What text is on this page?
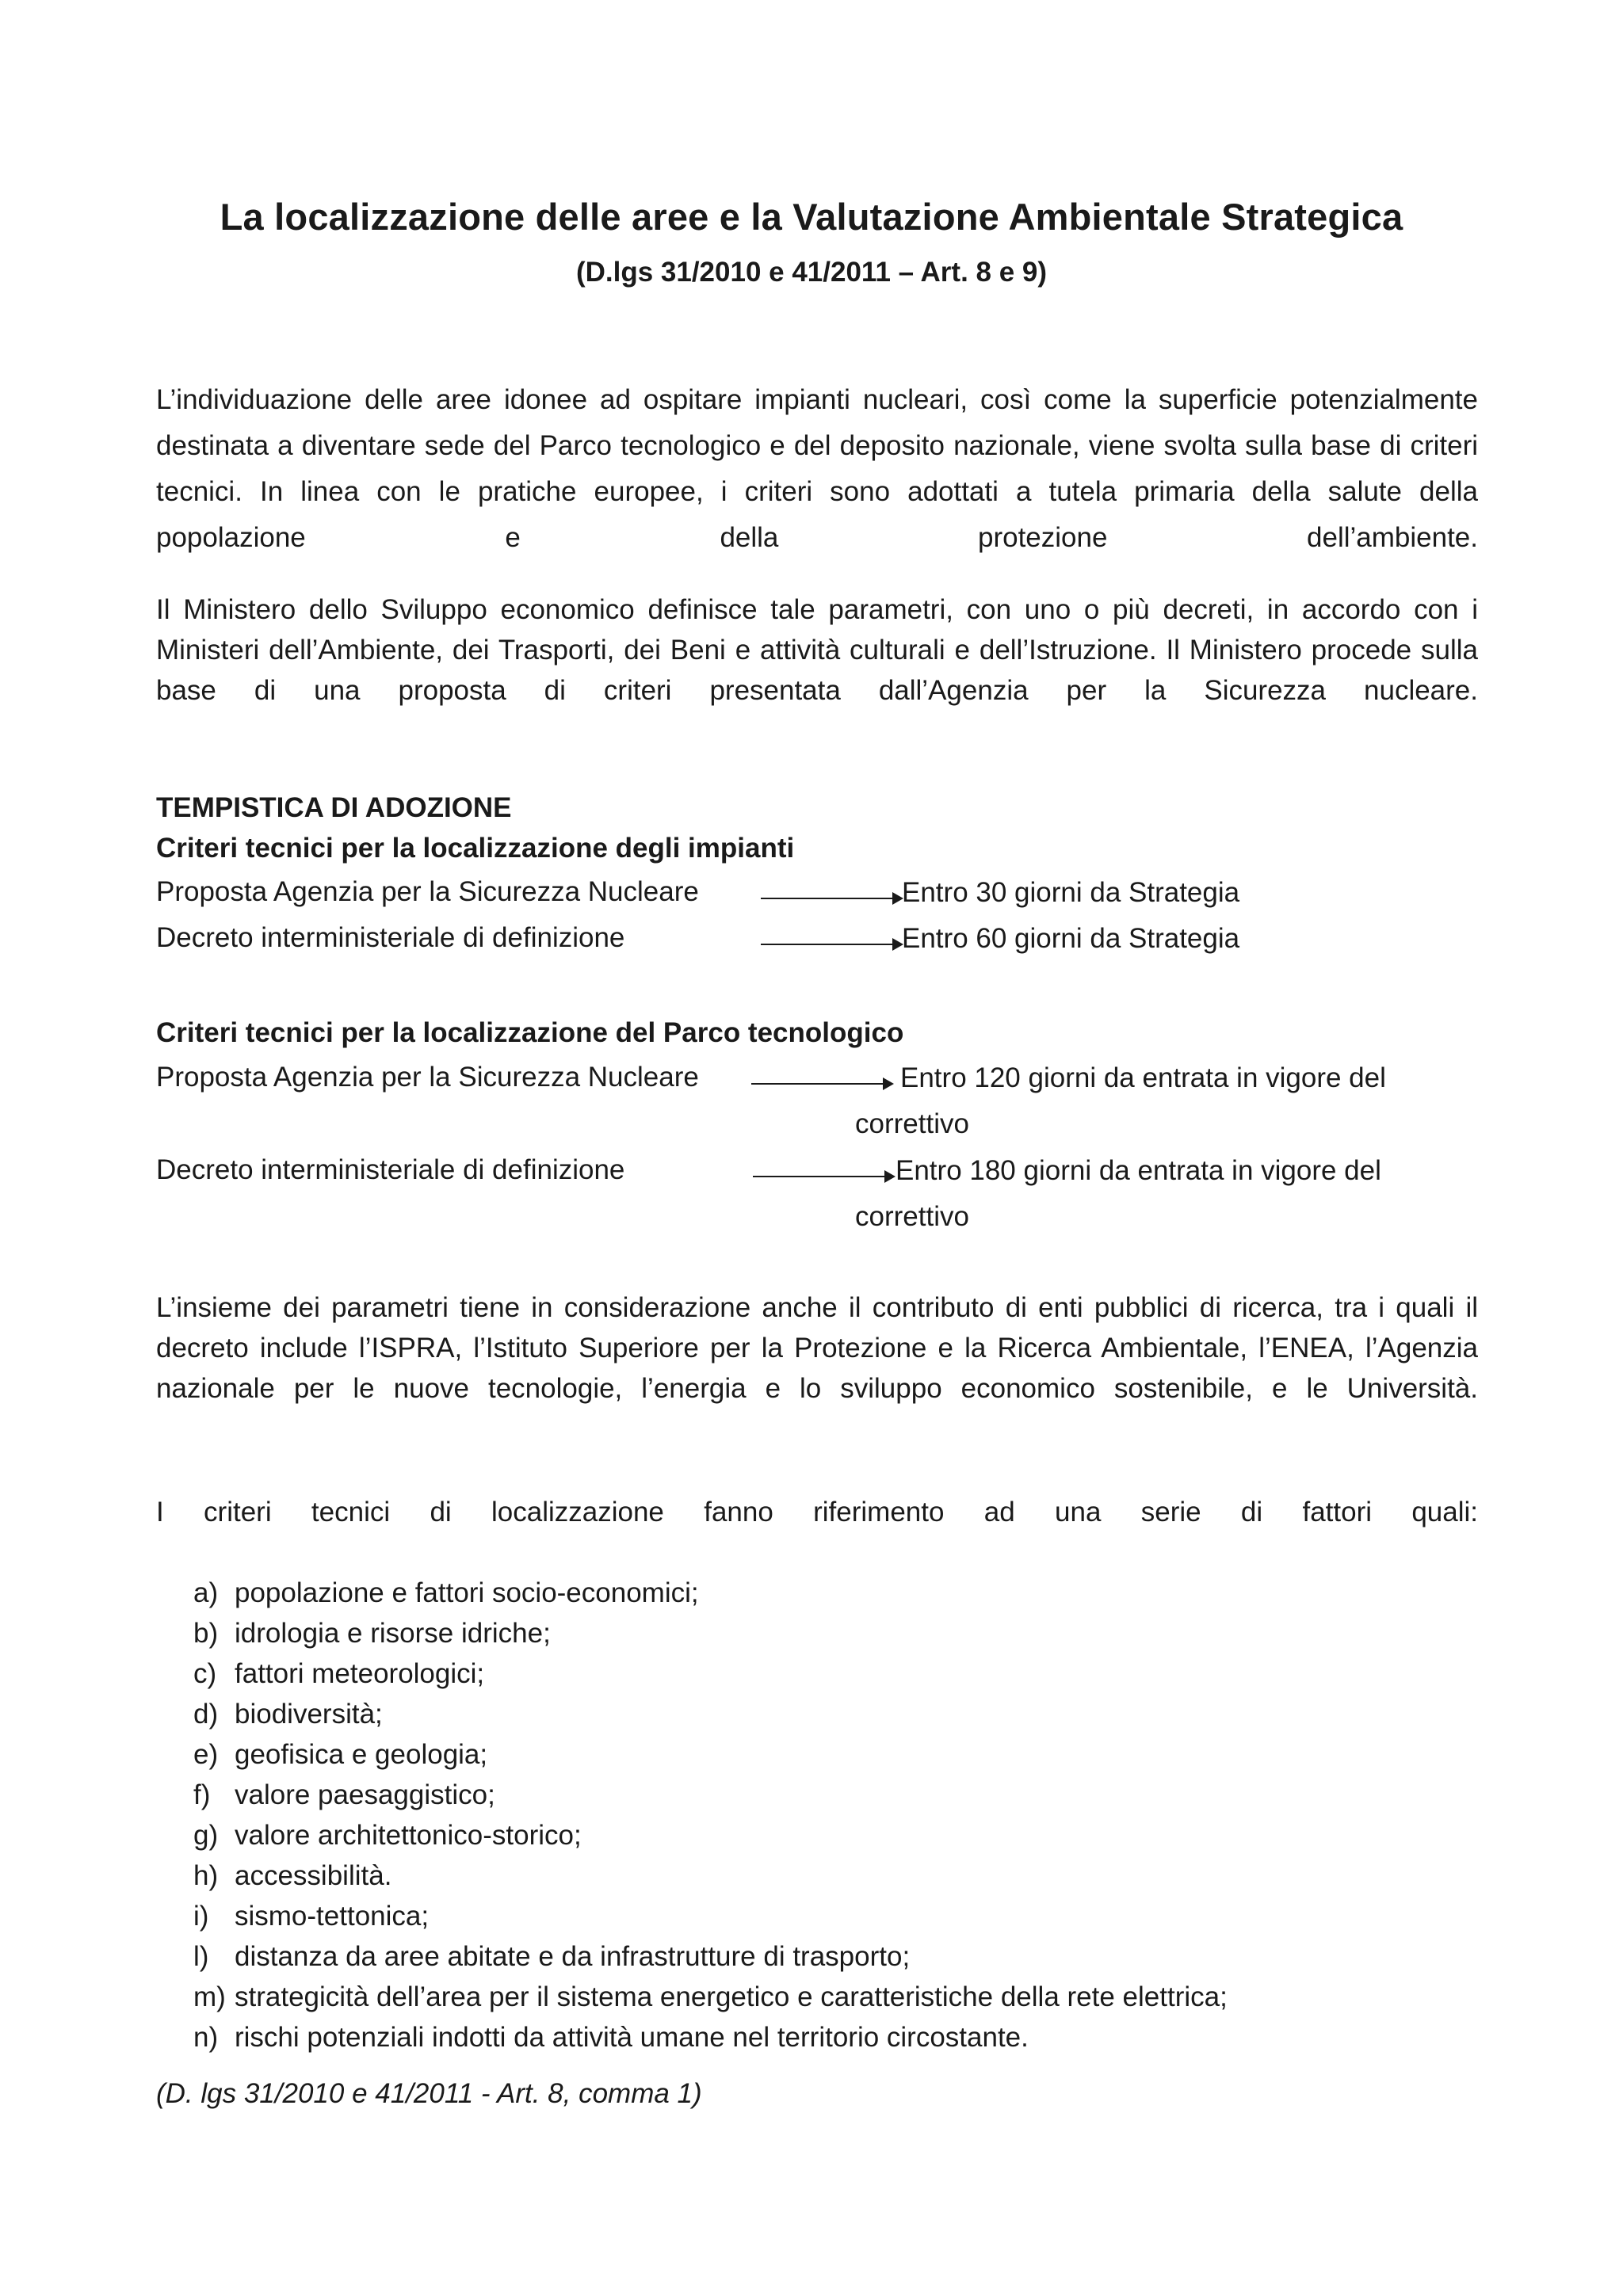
La localizzazione delle aree e la Valutazione Ambientale Strategica
(D.lgs 31/2010 e 41/2011 – Art. 8 e 9)

L’individuazione delle aree idonee ad ospitare impianti nucleari, così come la superficie potenzialmente destinata a diventare sede del Parco tecnologico e del deposito nazionale, viene svolta sulla base di criteri tecnici. In linea con le pratiche europee, i criteri sono adottati a tutela primaria della salute della popolazione e della protezione dell’ambiente.

Il Ministero dello Sviluppo economico definisce tale parametri, con uno o più decreti, in accordo con i Ministeri dell’Ambiente, dei Trasporti, dei Beni e attività culturali e dell’Istruzione. Il Ministero procede sulla base di una proposta di criteri presentata dall’Agenzia per la Sicurezza nucleare.

TEMPISTICA DI ADOZIONE
Criteri tecnici per la localizzazione degli impianti
Proposta Agenzia per la Sicurezza Nucleare	Entro 30 giorni da Strategia
Decreto interministeriale di definizione	Entro 60 giorni da Strategia
Criteri tecnici per la localizzazione del Parco tecnologico
Proposta Agenzia per la Sicurezza Nucleare	Entro 120 giorni da entrata in vigore del
correttivo
Decreto interministeriale di definizione	Entro 180 giorni da entrata in vigore del
correttivo

L’insieme dei parametri tiene in considerazione anche il contributo di enti pubblici di ricerca, tra i quali il decreto include l’ISPRA, l’Istituto Superiore per la Protezione e la Ricerca Ambientale, l’ENEA, l’Agenzia nazionale per le nuove tecnologie, l’energia e lo sviluppo economico sostenibile, e le Università.

I criteri tecnici di localizzazione fanno riferimento ad una serie di fattori quali:

a) popolazione e fattori socio-economici;
b) idrologia e risorse idriche;
c) fattori meteorologici;
d) biodiversità;
e) geofisica e geologia;
f) valore paesaggistico;
g) valore architettonico-storico;
h) accessibilità.
i) sismo-tettonica;
l) distanza da aree abitate e da infrastrutture di trasporto;
m) strategicità dell’area per il sistema energetico e caratteristiche della rete elettrica;
n) rischi potenziali indotti da attività umane nel territorio circostante.
(D. lgs 31/2010 e 41/2011 - Art. 8, comma 1)
